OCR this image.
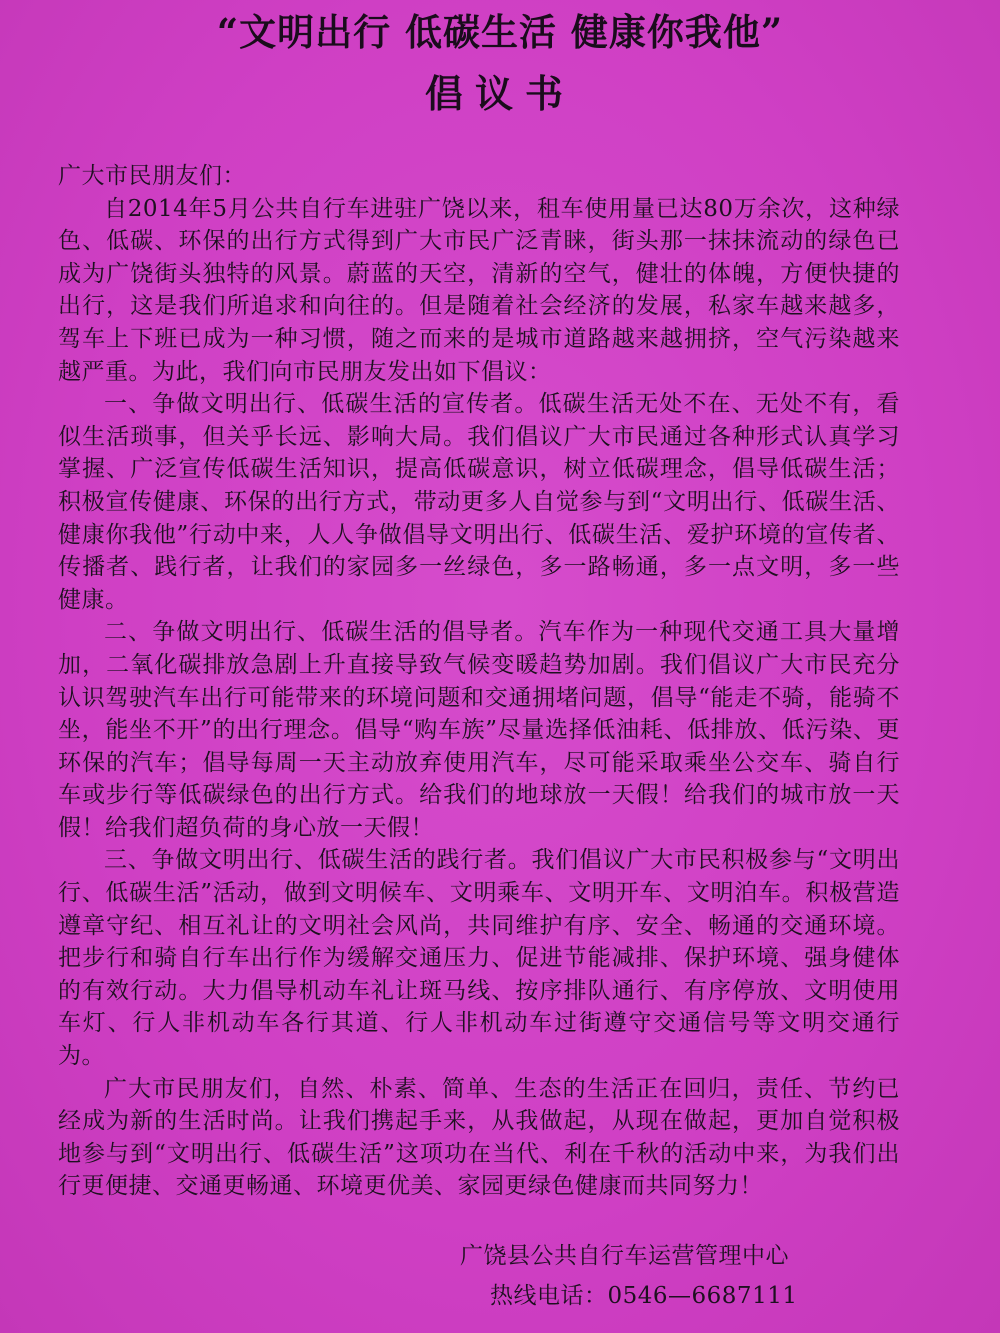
“文明出行 低碳生活 健康你我他”
倡议书

广大市民朋友们：

自2014年5月公共自行车进驻广饶以来，租车使用量已达80万余次，这种绿色、低碳、环保的出行方式得到广大市民广泛青睐，街头那一抹抹流动的绿色已成为广饶街头独特的风景。蔚蓝的天空，清新的空气，健壮的体魄，方便快捷的出行，这是我们所追求和向往的。但是随着社会经济的发展，私家车越来越多，驾车上下班已成为一种习惯，随之而来的是城市道路越来越拥挤，空气污染越来越严重。为此，我们向市民朋友发出如下倡议：

一、争做文明出行、低碳生活的宣传者。低碳生活无处不在、无处不有，看似生活琐事，但关乎长远、影响大局。我们倡议广大市民通过各种形式认真学习掌握、广泛宣传低碳生活知识，提高低碳意识，树立低碳理念，倡导低碳生活；积极宣传健康、环保的出行方式，带动更多人自觉参与到“文明出行、低碳生活、健康你我他”行动中来，人人争做倡导文明出行、低碳生活、爱护环境的宣传者、传播者、践行者，让我们的家园多一丝绿色，多一路畅通，多一点文明，多一些健康。

二、争做文明出行、低碳生活的倡导者。汽车作为一种现代交通工具大量增加，二氧化碳排放急剧上升直接导致气候变暖趋势加剧。我们倡议广大市民充分认识驾驶汽车出行可能带来的环境问题和交通拥堵问题，倡导“能走不骑，能骑不坐，能坐不开”的出行理念。倡导“购车族”尽量选择低油耗、低排放、低污染、更环保的汽车；倡导每周一天主动放弃使用汽车，尽可能采取乘坐公交车、骑自行车或步行等低碳绿色的出行方式。给我们的地球放一天假！给我们的城市放一天假！给我们超负荷的身心放一天假！

三、争做文明出行、低碳生活的践行者。我们倡议广大市民积极参与“文明出行、低碳生活”活动，做到文明候车、文明乘车、文明开车、文明泊车。积极营造遵章守纪、相互礼让的文明社会风尚，共同维护有序、安全、畅通的交通环境。把步行和骑自行车出行作为缓解交通压力、促进节能减排、保护环境、强身健体的有效行动。大力倡导机动车礼让斑马线、按序排队通行、有序停放、文明使用车灯、行人非机动车各行其道、行人非机动车过街遵守交通信号等文明交通行为。

广大市民朋友们，自然、朴素、简单、生态的生活正在回归，责任、节约已经成为新的生活时尚。让我们携起手来，从我做起，从现在做起，更加自觉积极地参与到“文明出行、低碳生活”这项功在当代、利在千秋的活动中来，为我们出行更便捷、交通更畅通、环境更优美、家园更绿色健康而共同努力！

广饶县公共自行车运营管理中心
热线电话：0546—6687111
